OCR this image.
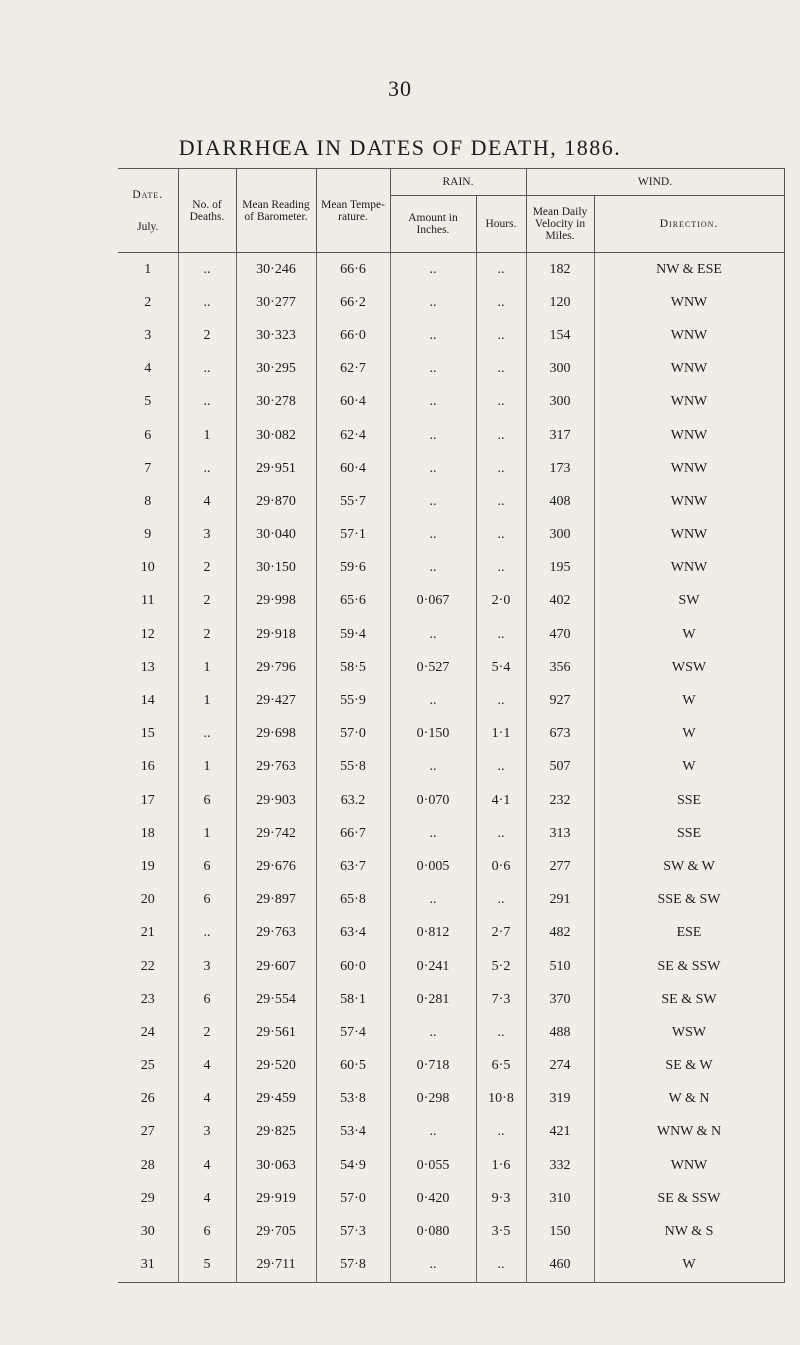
30
DIARRHŒA IN DATES OF DEATH, 1886.
Date.
July.	No. of Deaths.	Mean Reading of Barometer.	Mean Tempe-rature.	RAIN.		WIND.	
				Amount in Inches.	Hours.	Mean Daily Velocity in Miles.	Direction.
1	..	30·246	66·6	..	..	182	NW & ESE
2	..	30·277	66·2	..	..	120	WNW
3	2	30·323	66·0	..	..	154	WNW
4	..	30·295	62·7	..	..	300	WNW
5	..	30·278	60·4	..	..	300	WNW
6	1	30·082	62·4	..	..	317	WNW
7	..	29·951	60·4	..	..	173	WNW
8	4	29·870	55·7	..	..	408	WNW
9	3	30·040	57·1	..	..	300	WNW
10	2	30·150	59·6	..	..	195	WNW
11	2	29·998	65·6	0·067	2·0	402	SW
12	2	29·918	59·4	..	..	470	W
13	1	29·796	58·5	0·527	5·4	356	WSW
14	1	29·427	55·9	..	..	927	W
15	..	29·698	57·0	0·150	1·1	673	W
16	1	29·763	55·8	..	..	507	W
17	6	29·903	63.2	0·070	4·1	232	SSE
18	1	29·742	66·7	..	..	313	SSE
19	6	29·676	63·7	0·005	0·6	277	SW & W
20	6	29·897	65·8	..	..	291	SSE & SW
21	..	29·763	63·4	0·812	2·7	482	ESE
22	3	29·607	60·0	0·241	5·2	510	SE & SSW
23	6	29·554	58·1	0·281	7·3	370	SE & SW
24	2	29·561	57·4	..	..	488	WSW
25	4	29·520	60·5	0·718	6·5	274	SE & W
26	4	29·459	53·8	0·298	10·8	319	W & N
27	3	29·825	53·4	..	..	421	WNW & N
28	4	30·063	54·9	0·055	1·6	332	WNW
29	4	29·919	57·0	0·420	9·3	310	SE & SSW
30	6	29·705	57·3	0·080	3·5	150	NW & S
31	5	29·711	57·8	..	..	460	W
